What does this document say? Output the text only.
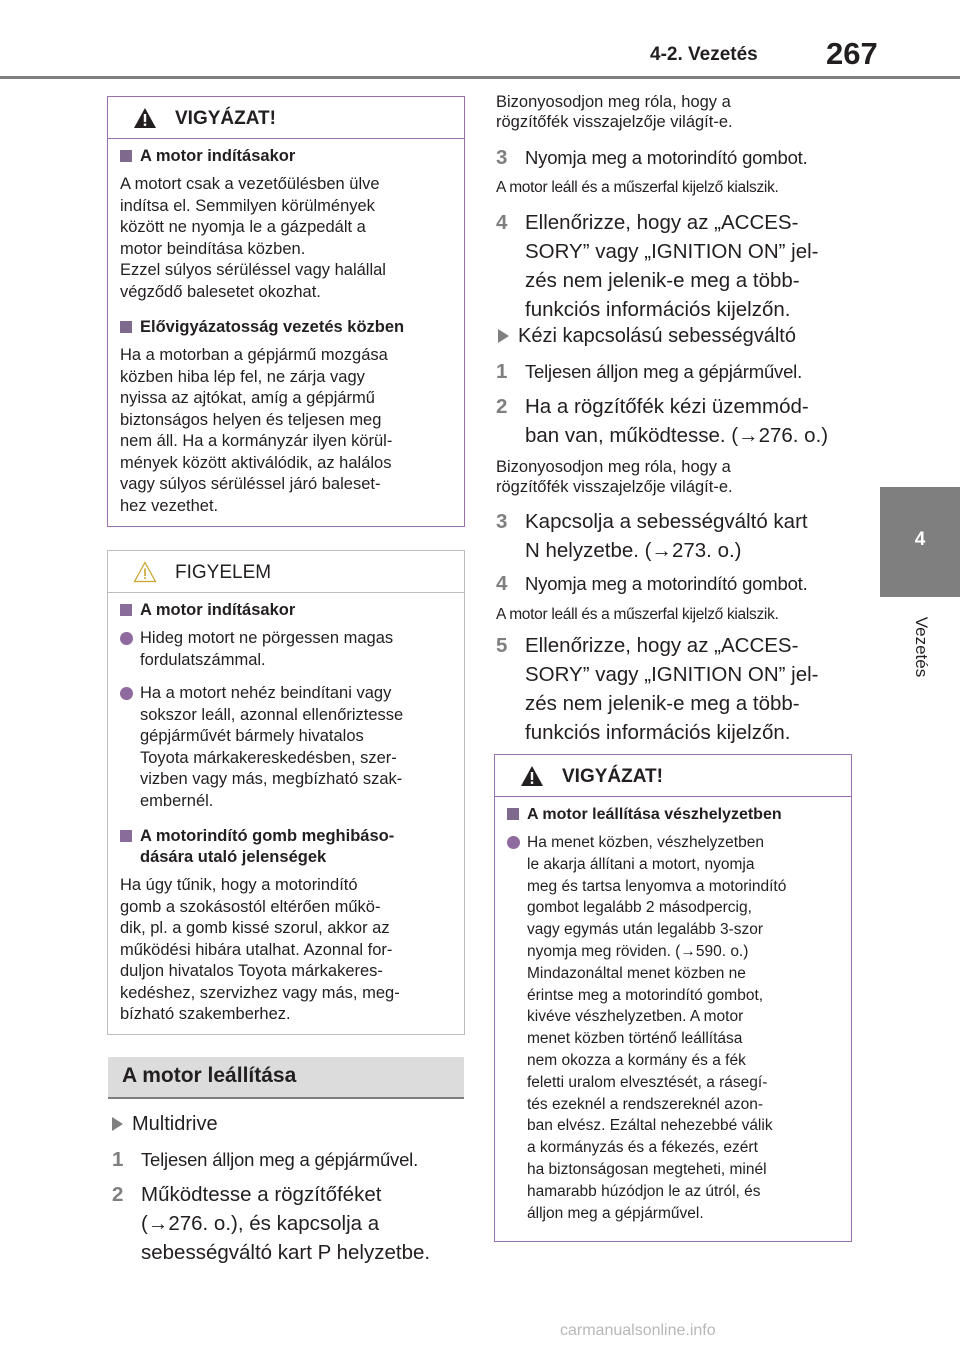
4-2. Vezetés 267
4
Vezetés
VIGYÁZAT!
A motor indításakor
A motort csak a vezetőülésben ülve
indítsa el. Semmilyen körülmények
között ne nyomja le a gázpedált a
motor beindítása közben.
Ezzel súlyos sérüléssel vagy halállal
végződő balesetet okozhat.
Elővigyázatosság vezetés közben
Ha a motorban a gépjármű mozgása
közben hiba lép fel, ne zárja vagy
nyissa az ajtókat, amíg a gépjármű
biztonságos helyen és teljesen meg
nem áll. Ha a kormányzár ilyen körül-
mények között aktiválódik, az halálos
vagy súlyos sérüléssel járó baleset-
hez vezethet.
FIGYELEM
A motor indításakor
Hideg motort ne pörgessen magas
fordulatszámmal.
Ha a motort nehéz beindítani vagy
sokszor leáll, azonnal ellenőriztesse
gépjárművét bármely hivatalos
Toyota márkakereskedésben, szer-
vizben vagy más, megbízható szak-
embernél.
A motorindító gomb meghibáso-
dására utaló jelenségek
Ha úgy tűnik, hogy a motorindító
gomb a szokásostól eltérően műkö-
dik, pl. a gomb kissé szorul, akkor az
működési hibára utalhat. Azonnal for-
duljon hivatalos Toyota márkakeres-
kedéshez, szervizhez vagy más, meg-
bízható szakemberhez.
A motor leállítása
Multidrive
1 Teljesen álljon meg a gépjárművel.
2 Működtesse a rögzítőféket
(→276. o.), és kapcsolja a
sebességváltó kart P helyzetbe.
Bizonyosodjon meg róla, hogy a
rögzítőfék visszajelzője világít-e.
3 Nyomja meg a motorindító gombot.
A motor leáll és a műszerfal kijelző kialszik.
4 Ellenőrizze, hogy az „ACCES-
SORY” vagy „IGNITION ON” jel-
zés nem jelenik-e meg a több-
funkciós információs kijelzőn.
Kézi kapcsolású sebességváltó
1 Teljesen álljon meg a gépjárművel.
2 Ha a rögzítőfék kézi üzemmód-
ban van, működtesse. (→276. o.)
Bizonyosodjon meg róla, hogy a
rögzítőfék visszajelzője világít-e.
3 Kapcsolja a sebességváltó kart
N helyzetbe. (→273. o.)
4 Nyomja meg a motorindító gombot.
A motor leáll és a műszerfal kijelző kialszik.
5 Ellenőrizze, hogy az „ACCES-
SORY” vagy „IGNITION ON” jel-
zés nem jelenik-e meg a több-
funkciós információs kijelzőn.
VIGYÁZAT!
A motor leállítása vészhelyzetben
Ha menet közben, vészhelyzetben
le akarja állítani a motort, nyomja
meg és tartsa lenyomva a motorindító
gombot legalább 2 másodpercig,
vagy egymás után legalább 3-szor
nyomja meg röviden. (→590. o.)
Mindazonáltal menet közben ne
érintse meg a motorindító gombot,
kivéve vészhelyzetben. A motor
menet közben történő leállítása
nem okozza a kormány és a fék
feletti uralom elvesztését, a rásegí-
tés ezeknél a rendszereknél azon-
ban elvész. Ezáltal nehezebbé válik
a kormányzás és a fékezés, ezért
ha biztonságosan megteheti, minél
hamarabb húzódjon le az útról, és
álljon meg a gépjárművel.
carmanualsonline.info
